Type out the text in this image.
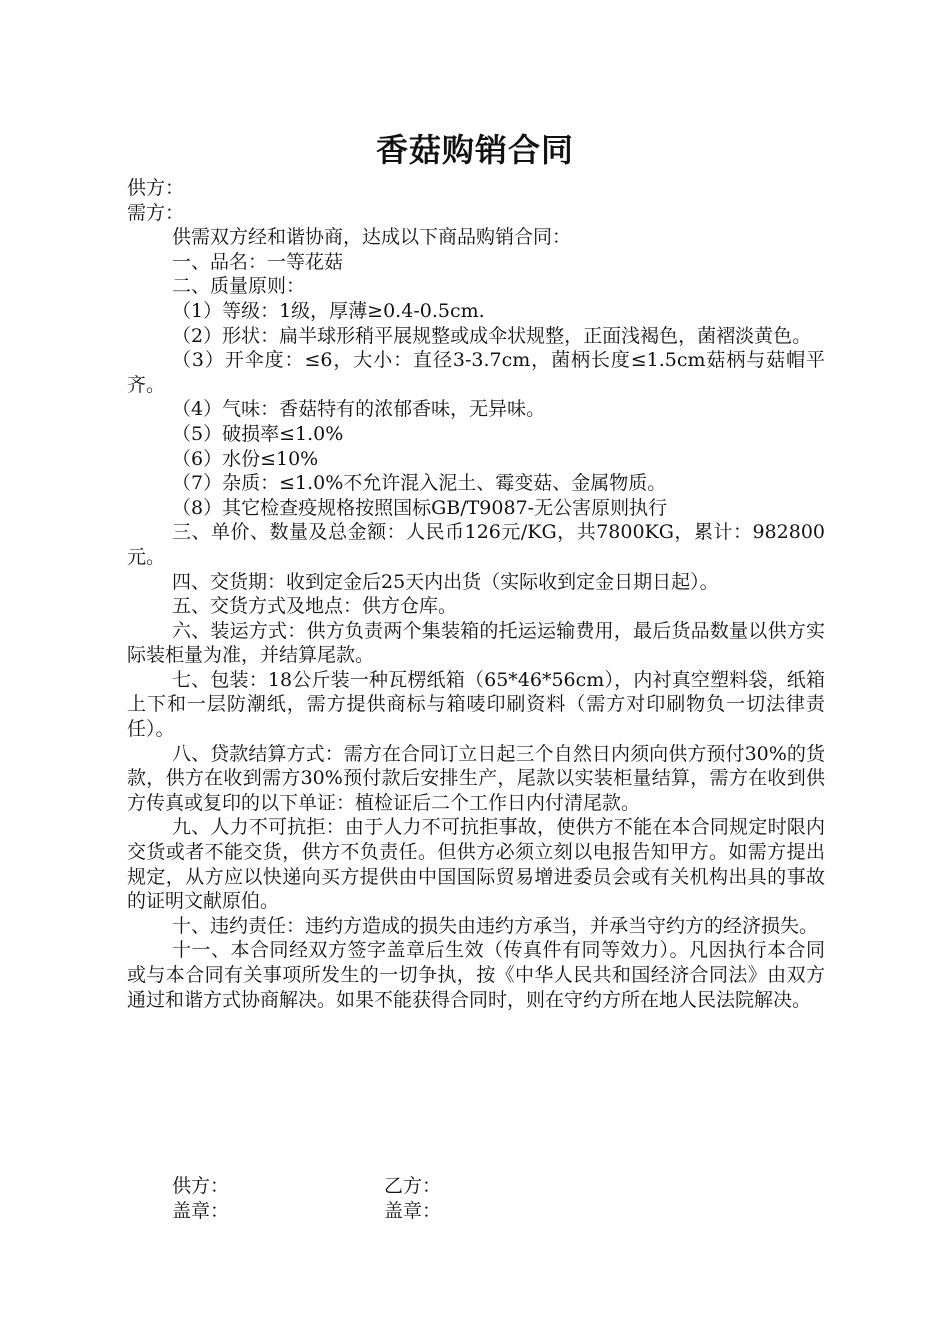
香菇购销合同

供方：

需方：

供需双方经和谐协商，达成以下商品购销合同：

一、品名：一等花菇

二、质量原则：

（1）等级：1级，厚薄≥0.4-0.5cm.

（2）形状：扁半球形稍平展规整或成伞状规整，正面浅褐色，菌褶淡黄色。

（3）开伞度：≤6，大小：直径3-3.7cm，菌柄长度≤1.5cm菇柄与菇帽平齐。

（4）气味：香菇特有的浓郁香味，无异味。

（5）破损率≤1.0%

（6）水份≤10%

（7）杂质：≤1.0%不允许混入泥土、霉变菇、金属物质。

（8）其它检查疫规格按照国标GB/T9087-无公害原则执行

三、单价、数量及总金额：人民币126元/KG，共7800KG，累计：982800元。

四、交货期：收到定金后25天内出货（实际收到定金日期日起）。

五、交货方式及地点：供方仓库。

六、装运方式：供方负责两个集装箱的托运运输费用，最后货品数量以供方实际装柜量为准，并结算尾款。

七、包装：18公斤装一种瓦楞纸箱（65*46*56cm），内衬真空塑料袋，纸箱上下和一层防潮纸，需方提供商标与箱唛印刷资料（需方对印刷物负一切法律责任）。

八、贷款结算方式：需方在合同订立日起三个自然日内须向供方预付30%的货款，供方在收到需方30%预付款后安排生产，尾款以实装柜量结算，需方在收到供方传真或复印的以下单证：植检证后二个工作日内付清尾款。

九、人力不可抗拒：由于人力不可抗拒事故，使供方不能在本合同规定时限内交货或者不能交货，供方不负责任。但供方必须立刻以电报告知甲方。如需方提出规定，从方应以快递向买方提供由中国国际贸易增进委员会或有关机构出具的事故的证明文献原伯。

十、违约责任：违约方造成的损失由违约方承当，并承当守约方的经济损失。

十一、本合同经双方签字盖章后生效（传真件有同等效力）。凡因执行本合同或与本合同有关事项所发生的一切争执，按《中华人民共和国经济合同法》由双方通过和谐方式协商解决。如果不能获得合同时，则在守约方所在地人民法院解决。

供方：
盖章：
乙方：
盖章：
